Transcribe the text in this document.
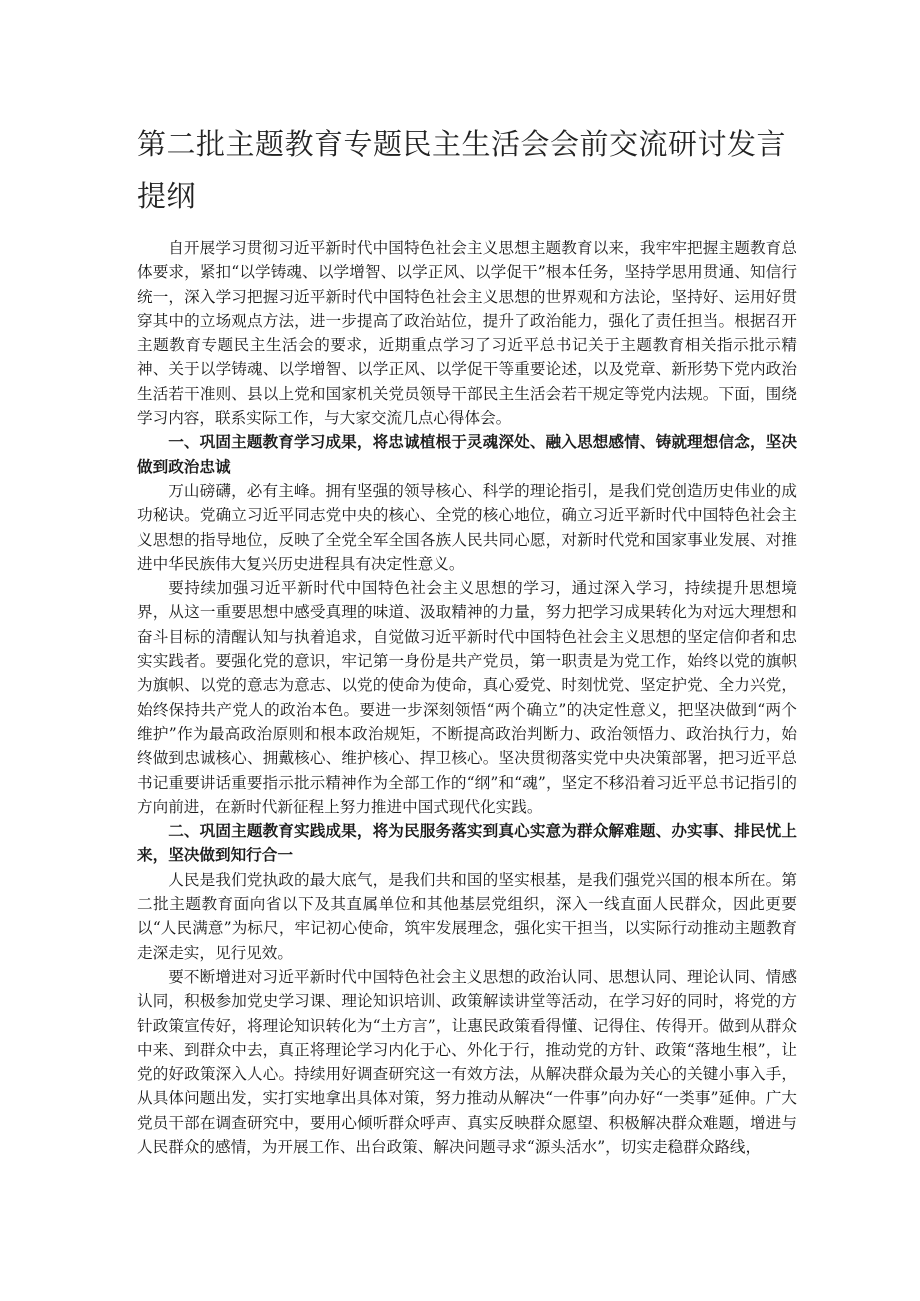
第二批主题教育专题民主生活会会前交流研讨发言提纲

自开展学习贯彻习近平新时代中国特色社会主义思想主题教育以来，我牢牢把握主题教育总体要求，紧扣“以学铸魂、以学增智、以学正风、以学促干”根本任务，坚持学思用贯通、知信行统一，深入学习把握习近平新时代中国特色社会主义思想的世界观和方法论，坚持好、运用好贯穿其中的立场观点方法，进一步提高了政治站位，提升了政治能力，强化了责任担当。根据召开主题教育专题民主生活会的要求，近期重点学习了习近平总书记关于主题教育相关指示批示精神、关于以学铸魂、以学增智、以学正风、以学促干等重要论述，以及党章、新形势下党内政治生活若干准则、县以上党和国家机关党员领导干部民主生活会若干规定等党内法规。下面，围绕学习内容，联系实际工作，与大家交流几点心得体会。

一、巩固主题教育学习成果，将忠诚植根于灵魂深处、融入思想感情、铸就理想信念，坚决做到政治忠诚

万山磅礴，必有主峰。拥有坚强的领导核心、科学的理论指引，是我们党创造历史伟业的成功秘诀。党确立习近平同志党中央的核心、全党的核心地位，确立习近平新时代中国特色社会主义思想的指导地位，反映了全党全军全国各族人民共同心愿，对新时代党和国家事业发展、对推进中华民族伟大复兴历史进程具有决定性意义。

要持续加强习近平新时代中国特色社会主义思想的学习，通过深入学习，持续提升思想境界，从这一重要思想中感受真理的味道、汲取精神的力量，努力把学习成果转化为对远大理想和奋斗目标的清醒认知与执着追求，自觉做习近平新时代中国特色社会主义思想的坚定信仰者和忠实实践者。要强化党的意识，牢记第一身份是共产党员，第一职责是为党工作，始终以党的旗帜为旗帜、以党的意志为意志、以党的使命为使命，真心爱党、时刻忧党、坚定护党、全力兴党，始终保持共产党人的政治本色。要进一步深刻领悟“两个确立”的决定性意义，把坚决做到“两个维护”作为最高政治原则和根本政治规矩，不断提高政治判断力、政治领悟力、政治执行力，始终做到忠诚核心、拥戴核心、维护核心、捍卫核心。坚决贯彻落实党中央决策部署，把习近平总书记重要讲话重要指示批示精神作为全部工作的“纲”和“魂”，坚定不移沿着习近平总书记指引的方向前进，在新时代新征程上努力推进中国式现代化实践。

二、巩固主题教育实践成果，将为民服务落实到真心实意为群众解难题、办实事、排民忧上来，坚决做到知行合一

人民是我们党执政的最大底气，是我们共和国的坚实根基，是我们强党兴国的根本所在。第二批主题教育面向省以下及其直属单位和其他基层党组织，深入一线直面人民群众，因此更要以“人民满意”为标尺，牢记初心使命，筑牢发展理念，强化实干担当，以实际行动推动主题教育走深走实，见行见效。

要不断增进对习近平新时代中国特色社会主义思想的政治认同、思想认同、理论认同、情感认同，积极参加党史学习课、理论知识培训、政策解读讲堂等活动，在学习好的同时，将党的方针政策宣传好，将理论知识转化为“土方言”，让惠民政策看得懂、记得住、传得开。做到从群众中来、到群众中去，真正将理论学习内化于心、外化于行，推动党的方针、政策“落地生根”，让党的好政策深入人心。持续用好调查研究这一有效方法，从解决群众最为关心的关键小事入手，从具体问题出发，实打实地拿出具体对策，努力推动从解决“一件事”向办好“一类事”延伸。广大党员干部在调查研究中，要用心倾听群众呼声、真实反映群众愿望、积极解决群众难题，增进与人民群众的感情，为开展工作、出台政策、解决问题寻求“源头活水”，切实走稳群众路线，
